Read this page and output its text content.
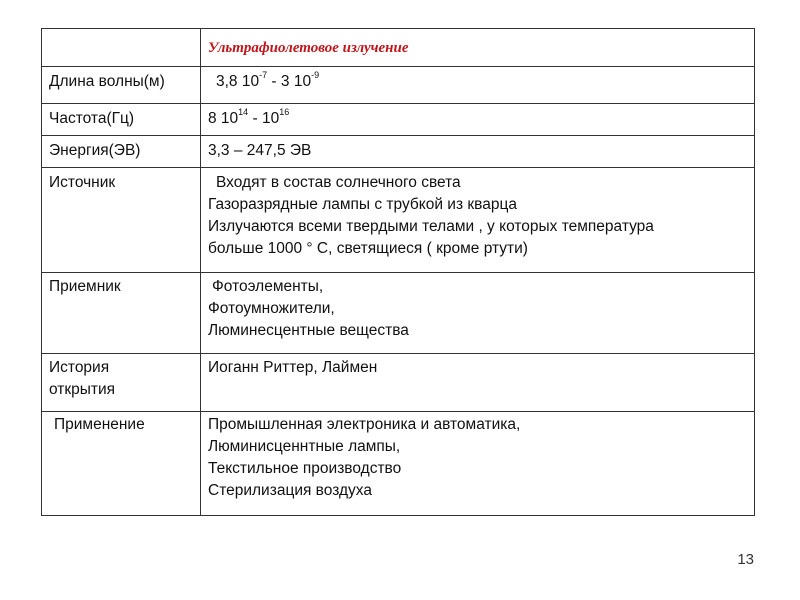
	Ультрафиолетовое излучение

Длина волны(м)	3,8 $10^{-7} - 3$ $10^{-9}$

Частота(Гц)	8 $10^{14} - 10^{16}$

Энергия(ЭВ)	3,3 – 247,5 ЭВ

Источник	Входят в состав солнечного света
Газоразрядные лампы с трубкой из кварца
Излучаются всеми твердыми телами , у которых температура
больше 1000 ° С, светящиеся ( кроме ртути)

Приемник	Фотоэлементы,
Фотоумножители,
Люминесцентные вещества

История
открытия	Иоганн Риттер, Лаймен

Применение	Промышленная электроника и автоматика,
Люминисценнтные лампы,
Текстильное производство
Стерилизация воздуха
13
